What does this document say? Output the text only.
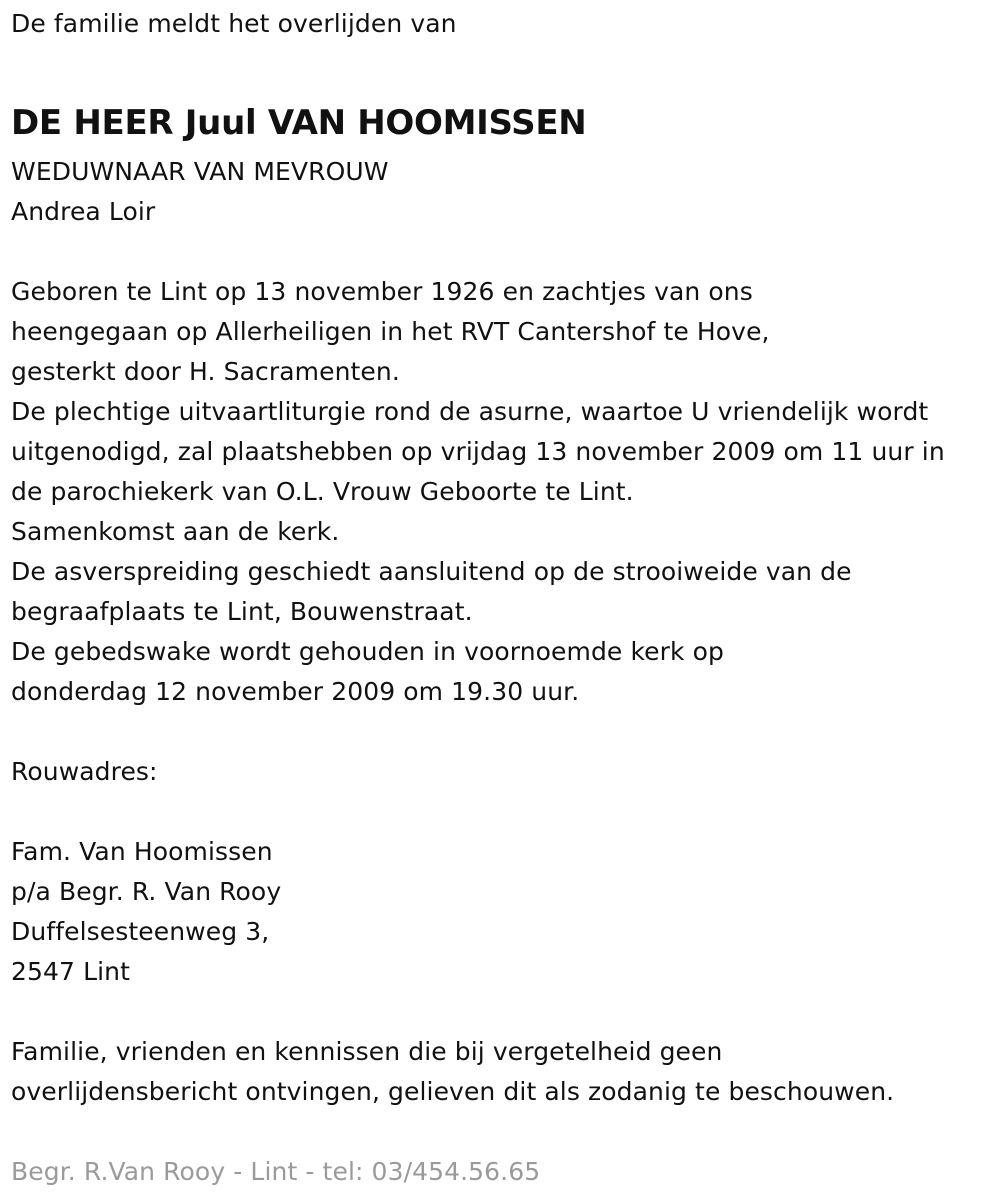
De familie meldt het overlijden van
DE HEER Juul VAN HOOMISSEN
WEDUWNAAR VAN MEVROUW
Andrea Loir
Geboren te Lint op 13 november 1926 en zachtjes van ons
heengegaan op Allerheiligen in het RVT Cantershof te Hove,
gesterkt door H. Sacramenten.
De plechtige uitvaartliturgie rond de asurne, waartoe U vriendelijk wordt
uitgenodigd, zal plaatshebben op vrijdag 13 november 2009 om 11 uur in
de parochiekerk van O.L. Vrouw Geboorte te Lint.
Samenkomst aan de kerk.
De asverspreiding geschiedt aansluitend op de strooiweide van de
begraafplaats te Lint, Bouwenstraat.
De gebedswake wordt gehouden in voornoemde kerk op
donderdag 12 november 2009 om 19.30 uur.
Rouwadres:
Fam. Van Hoomissen
p/a Begr. R. Van Rooy
Duffelsesteenweg 3,
2547 Lint
Familie, vrienden en kennissen die bij vergetelheid geen
overlijdensbericht ontvingen, gelieven dit als zodanig te beschouwen.
Begr. R.Van Rooy - Lint - tel: 03/454.56.65
